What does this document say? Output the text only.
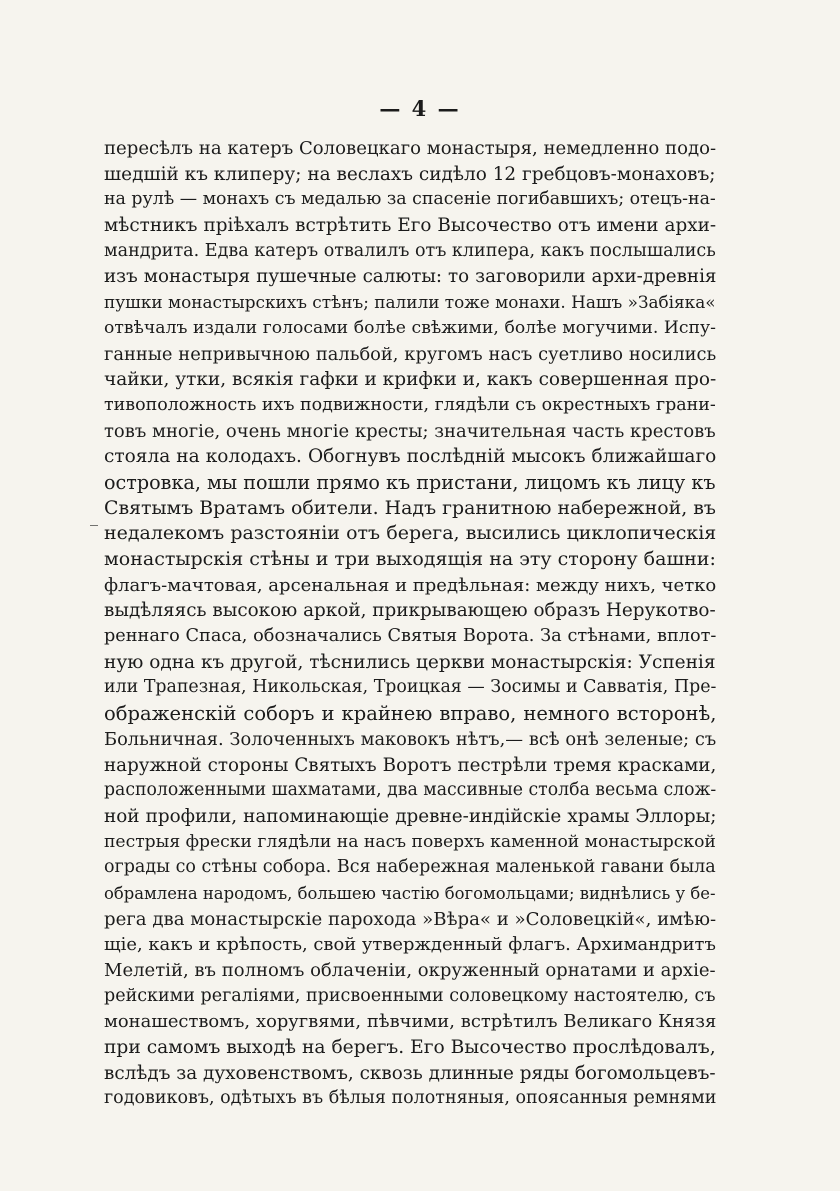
— 4 —
_
пересѣлъ на катеръ Соловецкаго монастыря, немедленно подо-
шедшій къ клиперу; на веслахъ сидѣло 12 гребцовъ-монаховъ;
на рулѣ — монахъ съ медалью за спасеніе погибавшихъ; отецъ-на-
мѣстникъ пріѣхалъ встрѣтить Его Высочество отъ имени архи-
мандрита. Едва катеръ отвалилъ отъ клипера, какъ послышались
изъ монастыря пушечные салюты: то заговорили архи-древнія
пушки монастырскихъ стѣнъ; палили тоже монахи. Нашъ »Забіяка«
отвѣчалъ издали голосами болѣе свѣжими, болѣе могучими. Испу-
ганные непривычною пальбой, кругомъ насъ суетливо носились
чайки, утки, всякія гафки и крифки и, какъ совершенная про-
тивоположность ихъ подвижности, глядѣли съ окрестныхъ грани-
товъ многіе, очень многіе кресты; значительная часть крестовъ
стояла на колодахъ. Обогнувъ послѣдній мысокъ ближайшаго
островка, мы пошли прямо къ пристани, лицомъ къ лицу къ
Святымъ Вратамъ обители. Надъ гранитною набережной, въ
недалекомъ разстояніи отъ берега, высились циклопическія
монастырскія стѣны и три выходящія на эту сторону башни:
флагъ-мачтовая, арсенальная и предѣльная: между нихъ, четко
выдѣляясь высокою аркой, прикрывающею образъ Нерукотво-
реннаго Спаса, обозначались Святыя Ворота. За стѣнами, вплот-
ную одна къ другой, тѣснились церкви монастырскія: Успенія
или Трапезная, Никольская, Троицкая — Зосимы и Савватія, Пре-
ображенскій соборъ и крайнею вправо, немного всторонѣ,
Больничная. Золоченныхъ маковокъ нѣтъ,— всѣ онѣ зеленые; съ
наружной стороны Святыхъ Воротъ пестрѣли тремя красками,
расположенными шахматами, два массивные столба весьма слож-
ной профили, напоминающіе древне-индійскіе храмы Эллоры;
пестрыя фрески глядѣли на насъ поверхъ каменной монастырской
ограды со стѣны собора. Вся набережная маленькой гавани была
обрамлена народомъ, большею частію богомольцами; виднѣлись у бе-
рега два монастырскіе парохода »Вѣра« и »Соловецкій«, имѣю-
щіе, какъ и крѣпость, свой утвержденный флагъ. Архимандритъ
Мелетій, въ полномъ облаченіи, окруженный орнатами и архіе-
рейскими регаліями, присвоенными соловецкому настоятелю, съ
монашествомъ, хоругвями, пѣвчими, встрѣтилъ Великаго Князя
при самомъ выходѣ на берегъ. Его Высочество прослѣдовалъ,
вслѣдъ за духовенствомъ, сквозь длинные ряды богомольцевъ-
годовиковъ, одѣтыхъ въ бѣлыя полотняныя, опоясанныя ремнями
